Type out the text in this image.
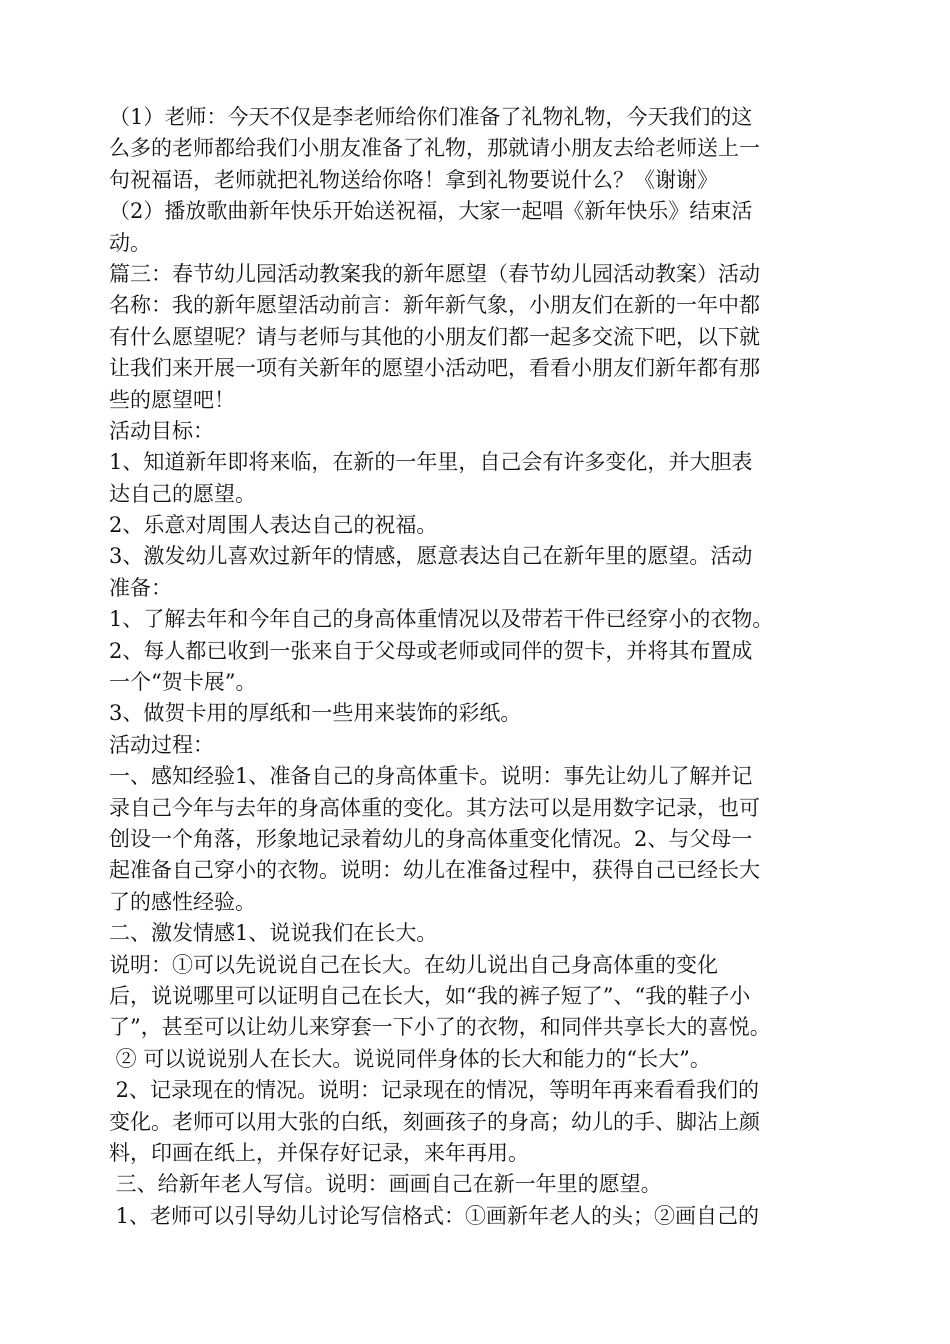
（1）老师：今天不仅是李老师给你们准备了礼物礼物，今天我们的这
么多的老师都给我们小朋友准备了礼物，那就请小朋友去给老师送上一
句祝福语，老师就把礼物送给你咯！拿到礼物要说什么？《谢谢》
（2）播放歌曲新年快乐开始送祝福，大家一起唱《新年快乐》结束活
动。
篇三：春节幼儿园活动教案我的新年愿望（春节幼儿园活动教案）活动
名称：我的新年愿望活动前言：新年新气象，小朋友们在新的一年中都
有什么愿望呢？请与老师与其他的小朋友们都一起多交流下吧，以下就
让我们来开展一项有关新年的愿望小活动吧，看看小朋友们新年都有那
些的愿望吧！
活动目标：
1、知道新年即将来临，在新的一年里，自己会有许多变化，并大胆表
达自己的愿望。
2、乐意对周围人表达自己的祝福。
3、激发幼儿喜欢过新年的情感，愿意表达自己在新年里的愿望。活动
准备：
1、了解去年和今年自己的身高体重情况以及带若干件已经穿小的衣物。
2、每人都已收到一张来自于父母或老师或同伴的贺卡，并将其布置成
一个“贺卡展”。
3、做贺卡用的厚纸和一些用来装饰的彩纸。
活动过程：
一、感知经验1、准备自己的身高体重卡。说明：事先让幼儿了解并记
录自己今年与去年的身高体重的变化。其方法可以是用数字记录，也可
创设一个角落，形象地记录着幼儿的身高体重变化情况。2、与父母一
起准备自己穿小的衣物。说明：幼儿在准备过程中，获得自己已经长大
了的感性经验。
二、激发情感1、说说我们在长大。
说明：①可以先说说自己在长大。在幼儿说出自己身高体重的变化
后，说说哪里可以证明自己在长大，如“我的裤子短了”、“我的鞋子小
了”，甚至可以让幼儿来穿套一下小了的衣物，和同伴共享长大的喜悦。
② 可以说说别人在长大。说说同伴身体的长大和能力的“长大”。
2、记录现在的情况。说明：记录现在的情况，等明年再来看看我们的
变化。老师可以用大张的白纸，刻画孩子的身高；幼儿的手、脚沾上颜
料，印画在纸上，并保存好记录，来年再用。
三、给新年老人写信。说明：画画自己在新一年里的愿望。
1、老师可以引导幼儿讨论写信格式：①画新年老人的头；②画自己的
